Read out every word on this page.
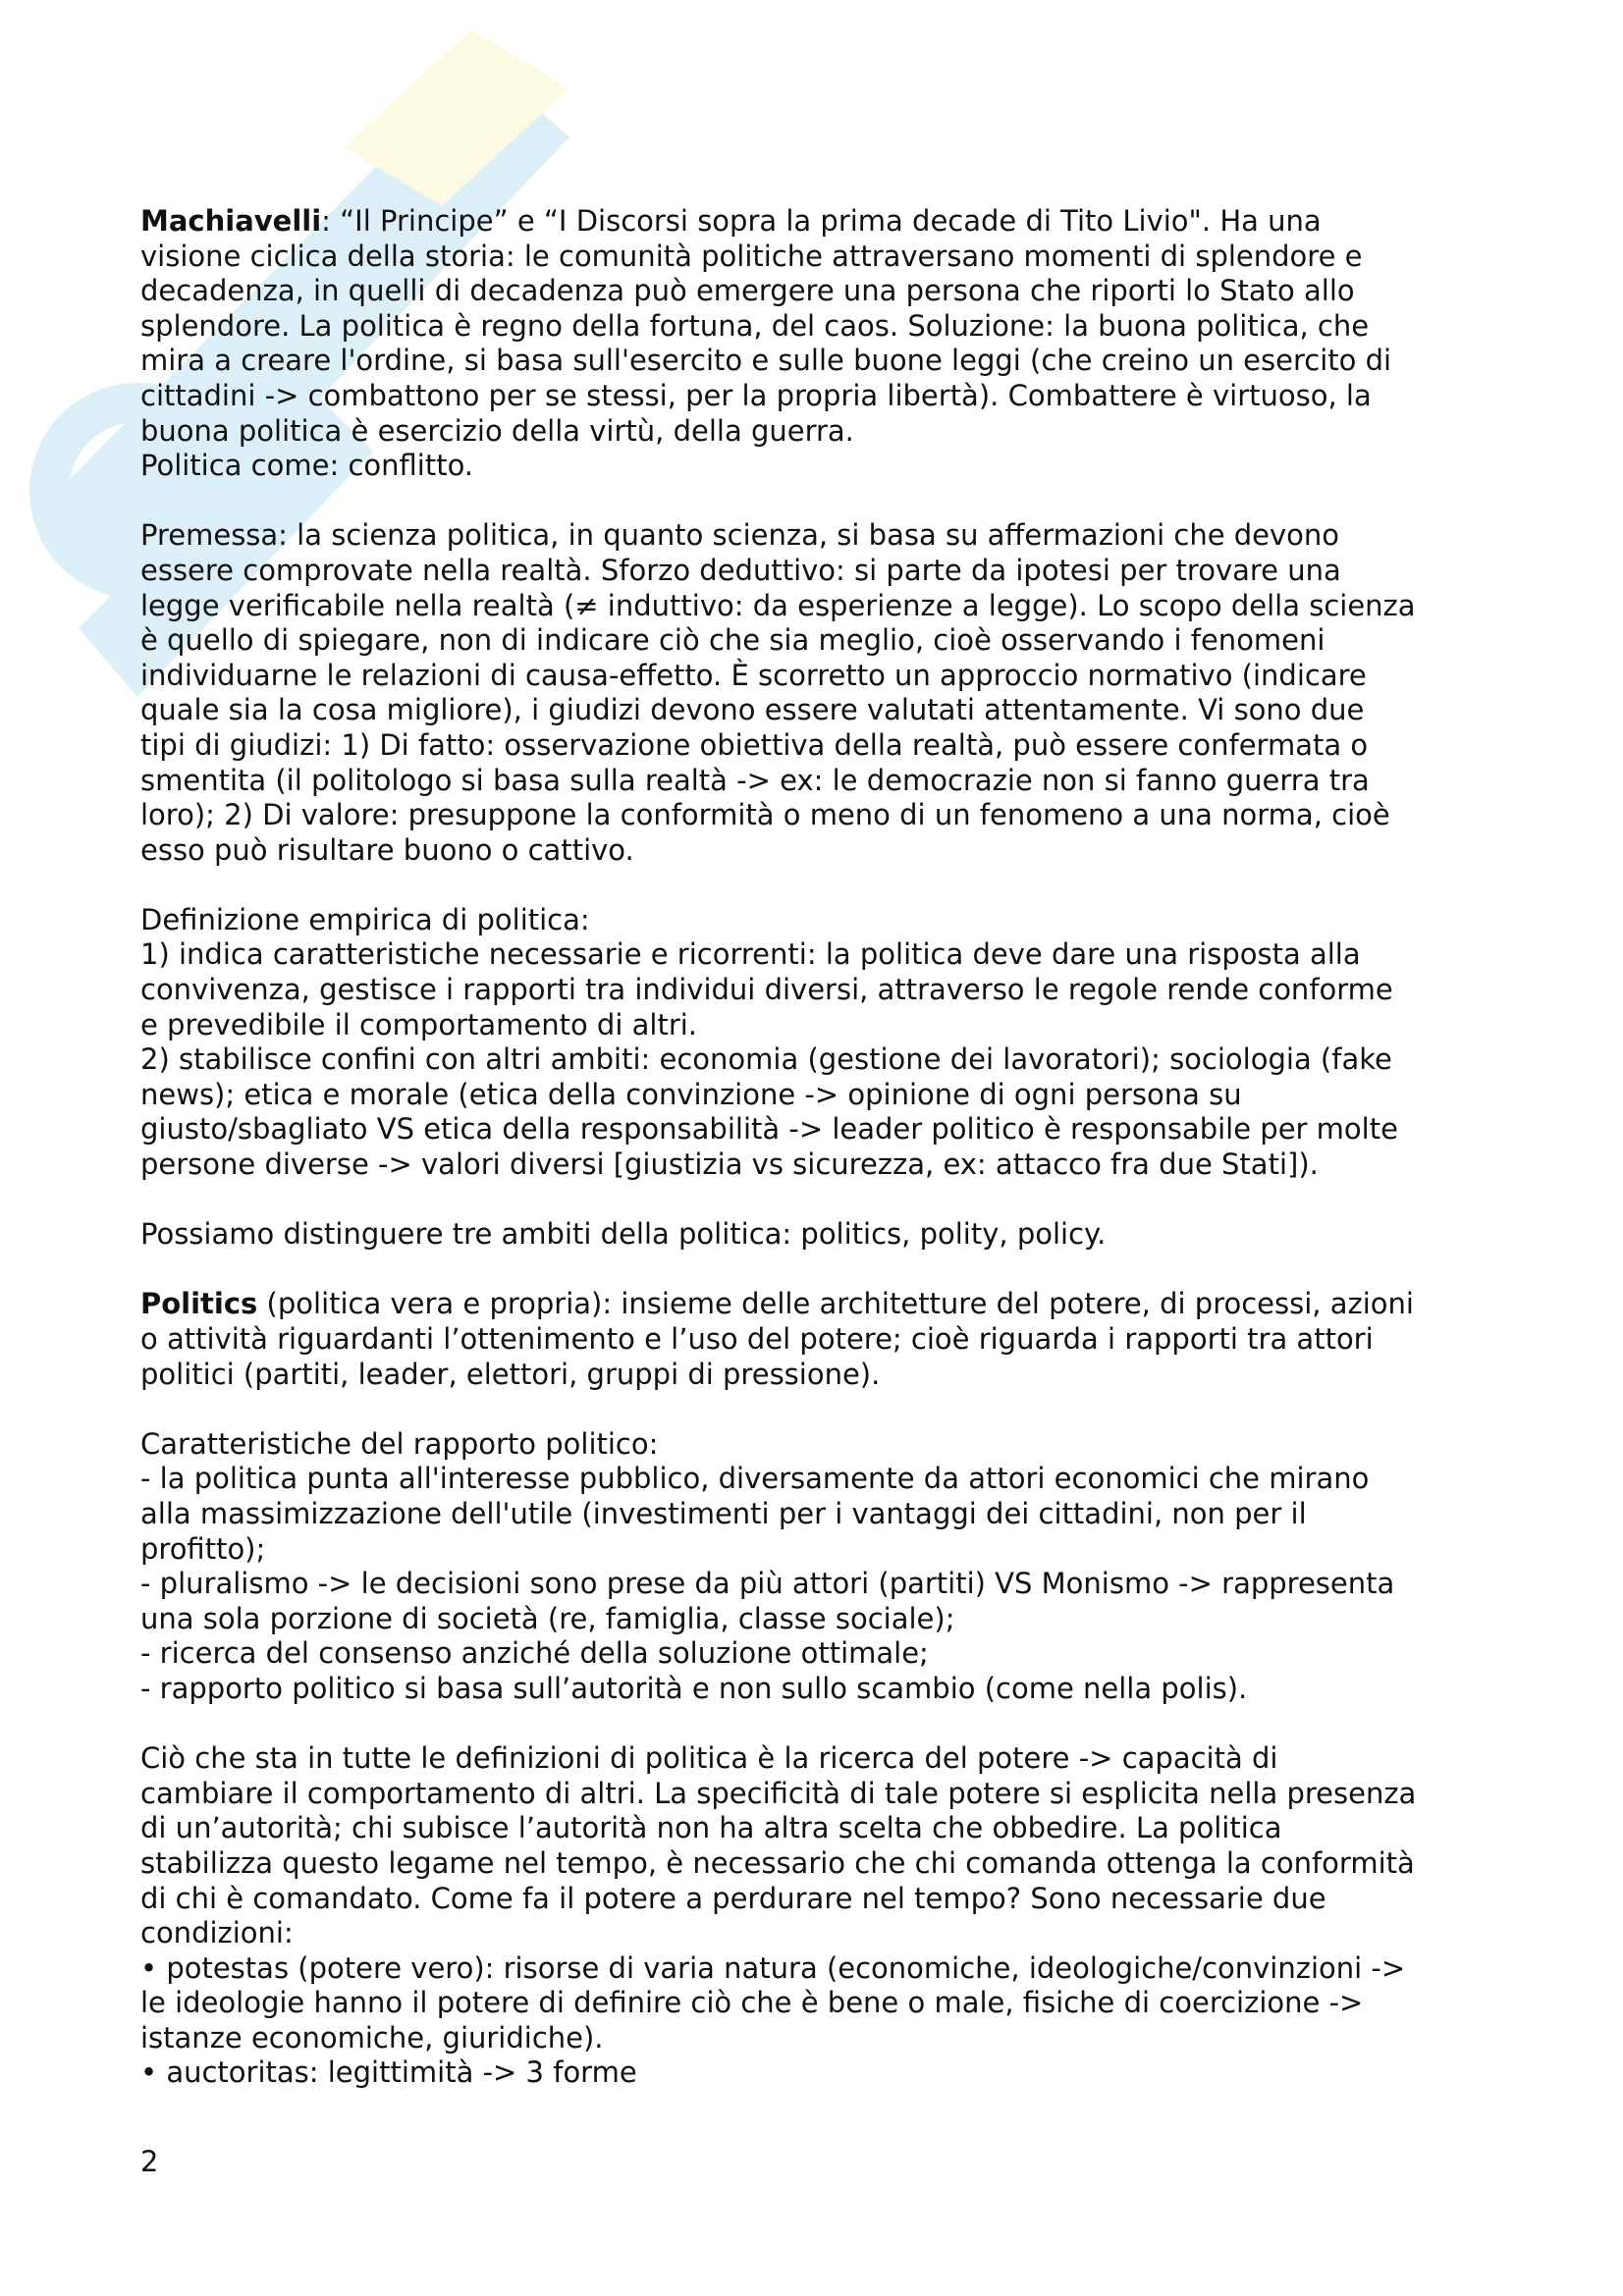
Machiavelli: “Il Principe” e “I Discorsi sopra la prima decade di Tito Livio". Ha una
visione ciclica della storia: le comunità politiche attraversano momenti di splendore e
decadenza, in quelli di decadenza può emergere una persona che riporti lo Stato allo
splendore. La politica è regno della fortuna, del caos. Soluzione: la buona politica, che
mira a creare l'ordine, si basa sull'esercito e sulle buone leggi (che creino un esercito di
cittadini -> combattono per se stessi, per la propria libertà). Combattere è virtuoso, la
buona politica è esercizio della virtù, della guerra.
Politica come: conflitto.

Premessa: la scienza politica, in quanto scienza, si basa su affermazioni che devono
essere comprovate nella realtà. Sforzo deduttivo: si parte da ipotesi per trovare una
legge verificabile nella realtà (≠ induttivo: da esperienze a legge). Lo scopo della scienza
è quello di spiegare, non di indicare ciò che sia meglio, cioè osservando i fenomeni
individuarne le relazioni di causa-effetto. È scorretto un approccio normativo (indicare
quale sia la cosa migliore), i giudizi devono essere valutati attentamente. Vi sono due
tipi di giudizi: 1) Di fatto: osservazione obiettiva della realtà, può essere confermata o
smentita (il politologo si basa sulla realtà -> ex: le democrazie non si fanno guerra tra
loro); 2) Di valore: presuppone la conformità o meno di un fenomeno a una norma, cioè
esso può risultare buono o cattivo.

Definizione empirica di politica:
1) indica caratteristiche necessarie e ricorrenti: la politica deve dare una risposta alla
convivenza, gestisce i rapporti tra individui diversi, attraverso le regole rende conforme
e prevedibile il comportamento di altri.
2) stabilisce confini con altri ambiti: economia (gestione dei lavoratori); sociologia (fake
news); etica e morale (etica della convinzione -> opinione di ogni persona su
giusto/sbagliato VS etica della responsabilità -> leader politico è responsabile per molte
persone diverse -> valori diversi [giustizia vs sicurezza, ex: attacco fra due Stati]).

Possiamo distinguere tre ambiti della politica: politics, polity, policy.

Politics (politica vera e propria): insieme delle architetture del potere, di processi, azioni
o attività riguardanti l’ottenimento e l’uso del potere; cioè riguarda i rapporti tra attori
politici (partiti, leader, elettori, gruppi di pressione).

Caratteristiche del rapporto politico:
- la politica punta all'interesse pubblico, diversamente da attori economici che mirano
alla massimizzazione dell'utile (investimenti per i vantaggi dei cittadini, non per il
profitto);
- pluralismo -> le decisioni sono prese da più attori (partiti) VS Monismo -> rappresenta
una sola porzione di società (re, famiglia, classe sociale);
- ricerca del consenso anziché della soluzione ottimale;
- rapporto politico si basa sull’autorità e non sullo scambio (come nella polis).

Ciò che sta in tutte le definizioni di politica è la ricerca del potere -> capacità di
cambiare il comportamento di altri. La specificità di tale potere si esplicita nella presenza
di un’autorità; chi subisce l’autorità non ha altra scelta che obbedire. La politica
stabilizza questo legame nel tempo, è necessario che chi comanda ottenga la conformità
di chi è comandato. Come fa il potere a perdurare nel tempo? Sono necessarie due
condizioni:
• potestas (potere vero): risorse di varia natura (economiche, ideologiche/convinzioni ->
le ideologie hanno il potere di definire ciò che è bene o male, fisiche di coercizione ->
istanze economiche, giuridiche).
• auctoritas: legittimità -> 3 forme

2
